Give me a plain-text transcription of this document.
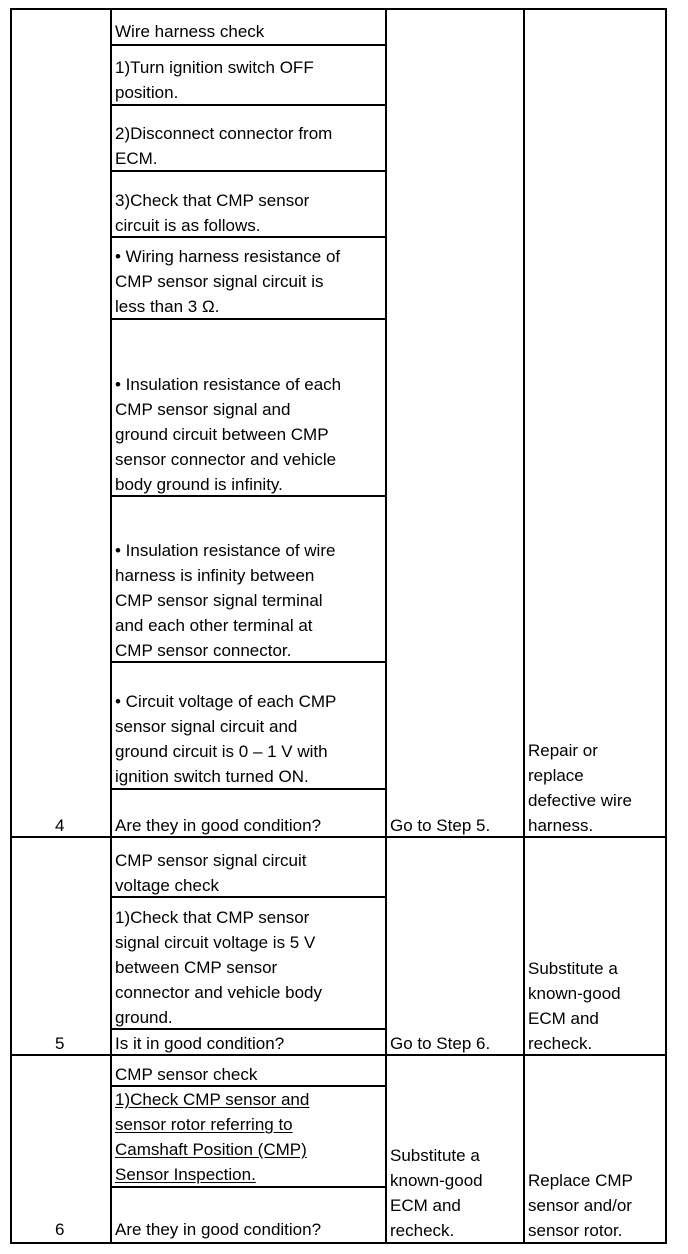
4
Wire harness check
1)Turn ignition switch OFF
position.
2)Disconnect connector from
ECM.
3)Check that CMP sensor
circuit is as follows.
• Wiring harness resistance of
CMP sensor signal circuit is
less than 3 Ω.
• Insulation resistance of each
CMP sensor signal and
ground circuit between CMP
sensor connector and vehicle
body ground is infinity.
• Insulation resistance of wire
harness is infinity between
CMP sensor signal terminal
and each other terminal at
CMP sensor connector.
• Circuit voltage of each CMP
sensor signal circuit and
ground circuit is 0 – 1 V with
ignition switch turned ON.
Are they in good condition?	Go to Step 5.
Repair or
replace
defective wire
harness.
5
CMP sensor signal circuit
voltage check
1)Check that CMP sensor
signal circuit voltage is 5 V
between CMP sensor
connector and vehicle body
ground.
Is it in good condition?	Go to Step 6.
Substitute a
known-good
ECM and
recheck.
6
CMP sensor check
1)Check CMP sensor and
sensor rotor referring to
Camshaft Position (CMP)
Sensor Inspection.
Are they in good condition?
Substitute a
known-good
ECM and
recheck.
Replace CMP
sensor and/or
sensor rotor.
